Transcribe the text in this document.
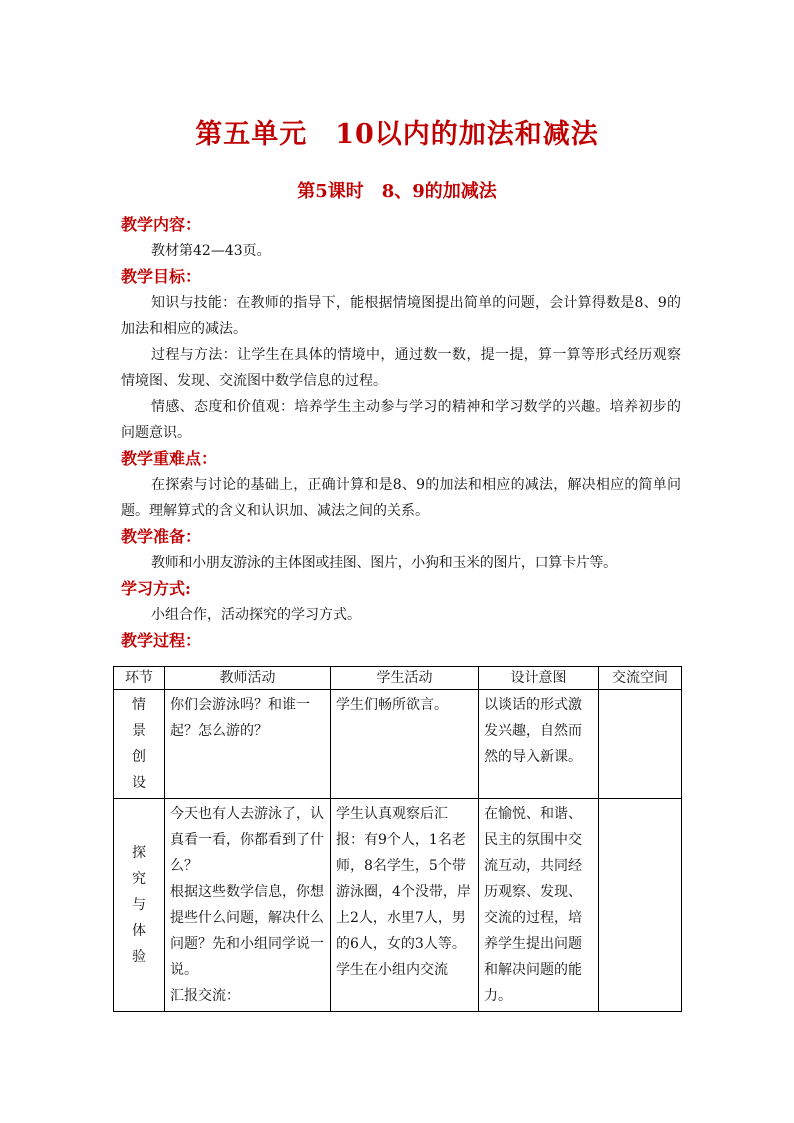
第五单元　10以内的加法和减法
第5课时　8、9的加减法

教学内容：

教材第42—43页。

教学目标：

知识与技能：在教师的指导下，能根据情境图提出简单的问题，会计算得数是8、9的加法和相应的减法。

过程与方法：让学生在具体的情境中，通过数一数，提一提，算一算等形式经历观察情境图、发现、交流图中数学信息的过程。

情感、态度和价值观：培养学生主动参与学习的精神和学习数学的兴趣。培养初步的问题意识。

教学重难点：

在探索与讨论的基础上，正确计算和是8、9的加法和相应的减法，解决相应的简单问题。理解算式的含义和认识加、减法之间的关系。

教学准备：

教师和小朋友游泳的主体图或挂图、图片，小狗和玉米的图片，口算卡片等。

学习方式:

小组合作，活动探究的学习方式。

教学过程：

环节	教师活动	学生活动	设计意图	交流空间

情
景
创
设	你们会游泳吗？和谁一起？怎么游的？	学生们畅所欲言。	以谈话的形式激发兴趣，自然而然的导入新课。	

探
究
与
体
验	今天也有人去游泳了，认真看一看，你都看到了什么？
根据这些数学信息，你想提些什么问题，解决什么问题？先和小组同学说一说。
汇报交流：	学生认真观察后汇报：有9个人，1名老师，8名学生，5个带游泳圈，4个没带，岸上2人，水里7人，男的6人，女的3人等。
学生在小组内交流	在愉悦、和谐、民主的氛围中交流互动，共同经历观察、发现、交流的过程，培养学生提出问题和解决问题的能力。	
